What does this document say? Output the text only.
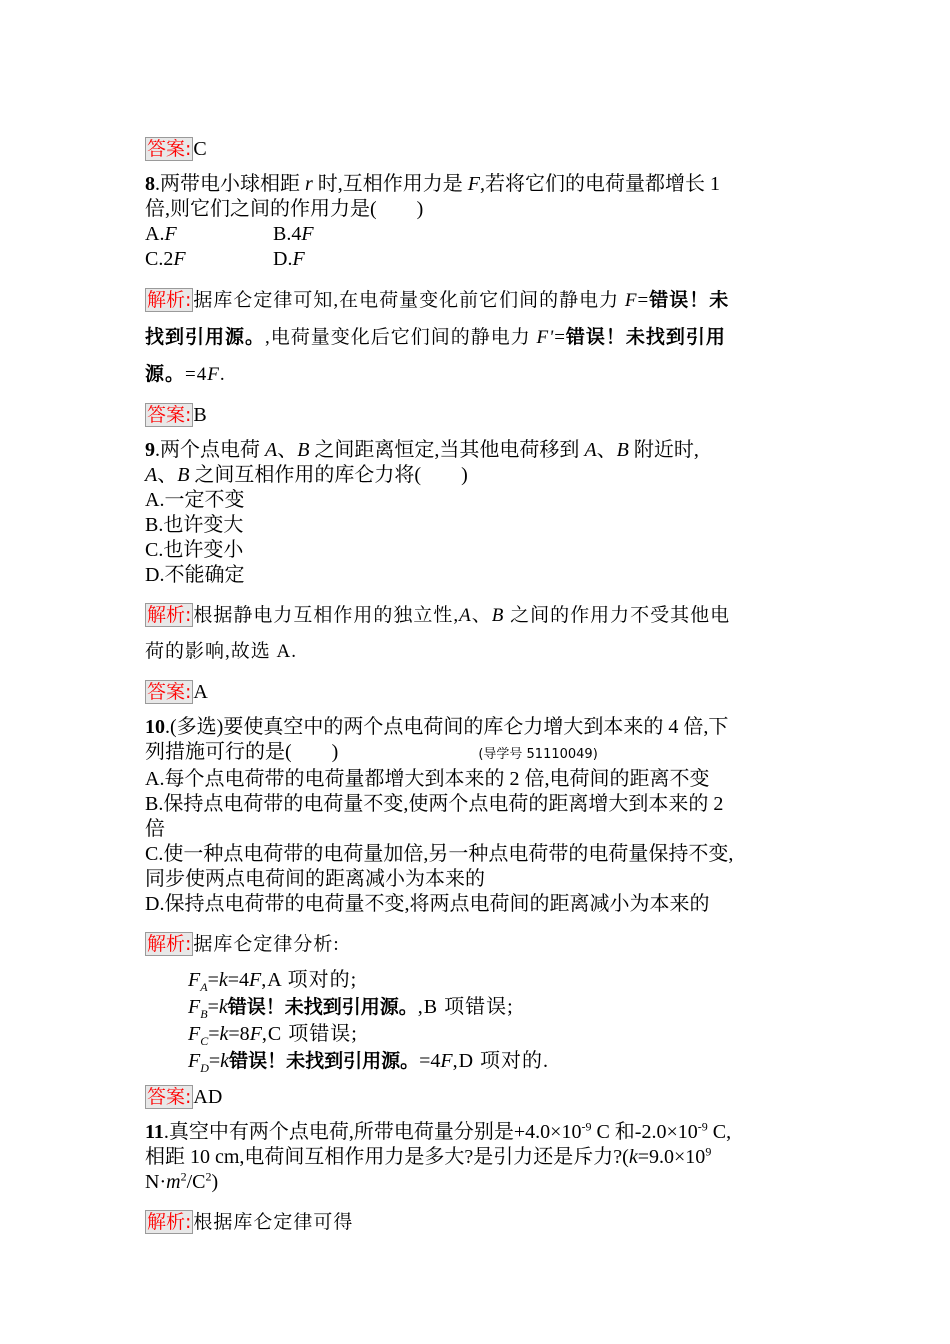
答案: C
8.两带电小球相距 r 时,互相作用力是 F,若将它们的电荷量都增长 1
倍,则它们之间的作用力是(　　)
A.F	B.4F
C.2F	D.F
解析: 据库仑定律可知,在电荷量变化前它们间的静电力 F=错误！未
找到引用源。,电荷量变化后它们间的静电力 F'=错误！未找到引用
源。=4F.
答案: B
9.两个点电荷 A、B 之间距离恒定,当其他电荷移到 A、B 附近时,
A、B 之间互相作用的库仑力将(　　)
A.一定不变
B.也许变大
C.也许变小
D.不能确定
解析: 根据静电力互相作用的独立性,A、B 之间的作用力不受其他电
荷的影响,故选 A.
答案: A
10.(多选)要使真空中的两个点电荷间的库仑力增大到本来的 4 倍,下
列措施可行的是(　　)	(导学号 51110049)
A.每个点电荷带的电荷量都增大到本来的 2 倍,电荷间的距离不变
B.保持点电荷带的电荷量不变,使两个点电荷的距离增大到本来的 2
倍
C.使一种点电荷带的电荷量加倍,另一种点电荷带的电荷量保持不变,
同步使两点电荷间的距离减小为本来的
D.保持点电荷带的电荷量不变,将两点电荷间的距离减小为本来的
解析: 据库仑定律分析:
$F_A=k=4F,A$ 项对的;
$F_B=k$错误！未找到引用源。,B 项错误;
$F_C=k=8F,C$ 项错误;
$F_D=k$错误！未找到引用源。=4F,D 项对的.
答案: AD
11.真空中有两个点电荷,所带电荷量分别是$+4.0\times 10^{-9}$ C 和$-2.0\times 10^{-9}$ C,
相距 10 cm,电荷间互相作用力是多大?是引力还是斥力$?(k=9.0\times 10^9$
$N\cdot m^2/C^2$)
解析: 根据库仑定律可得
